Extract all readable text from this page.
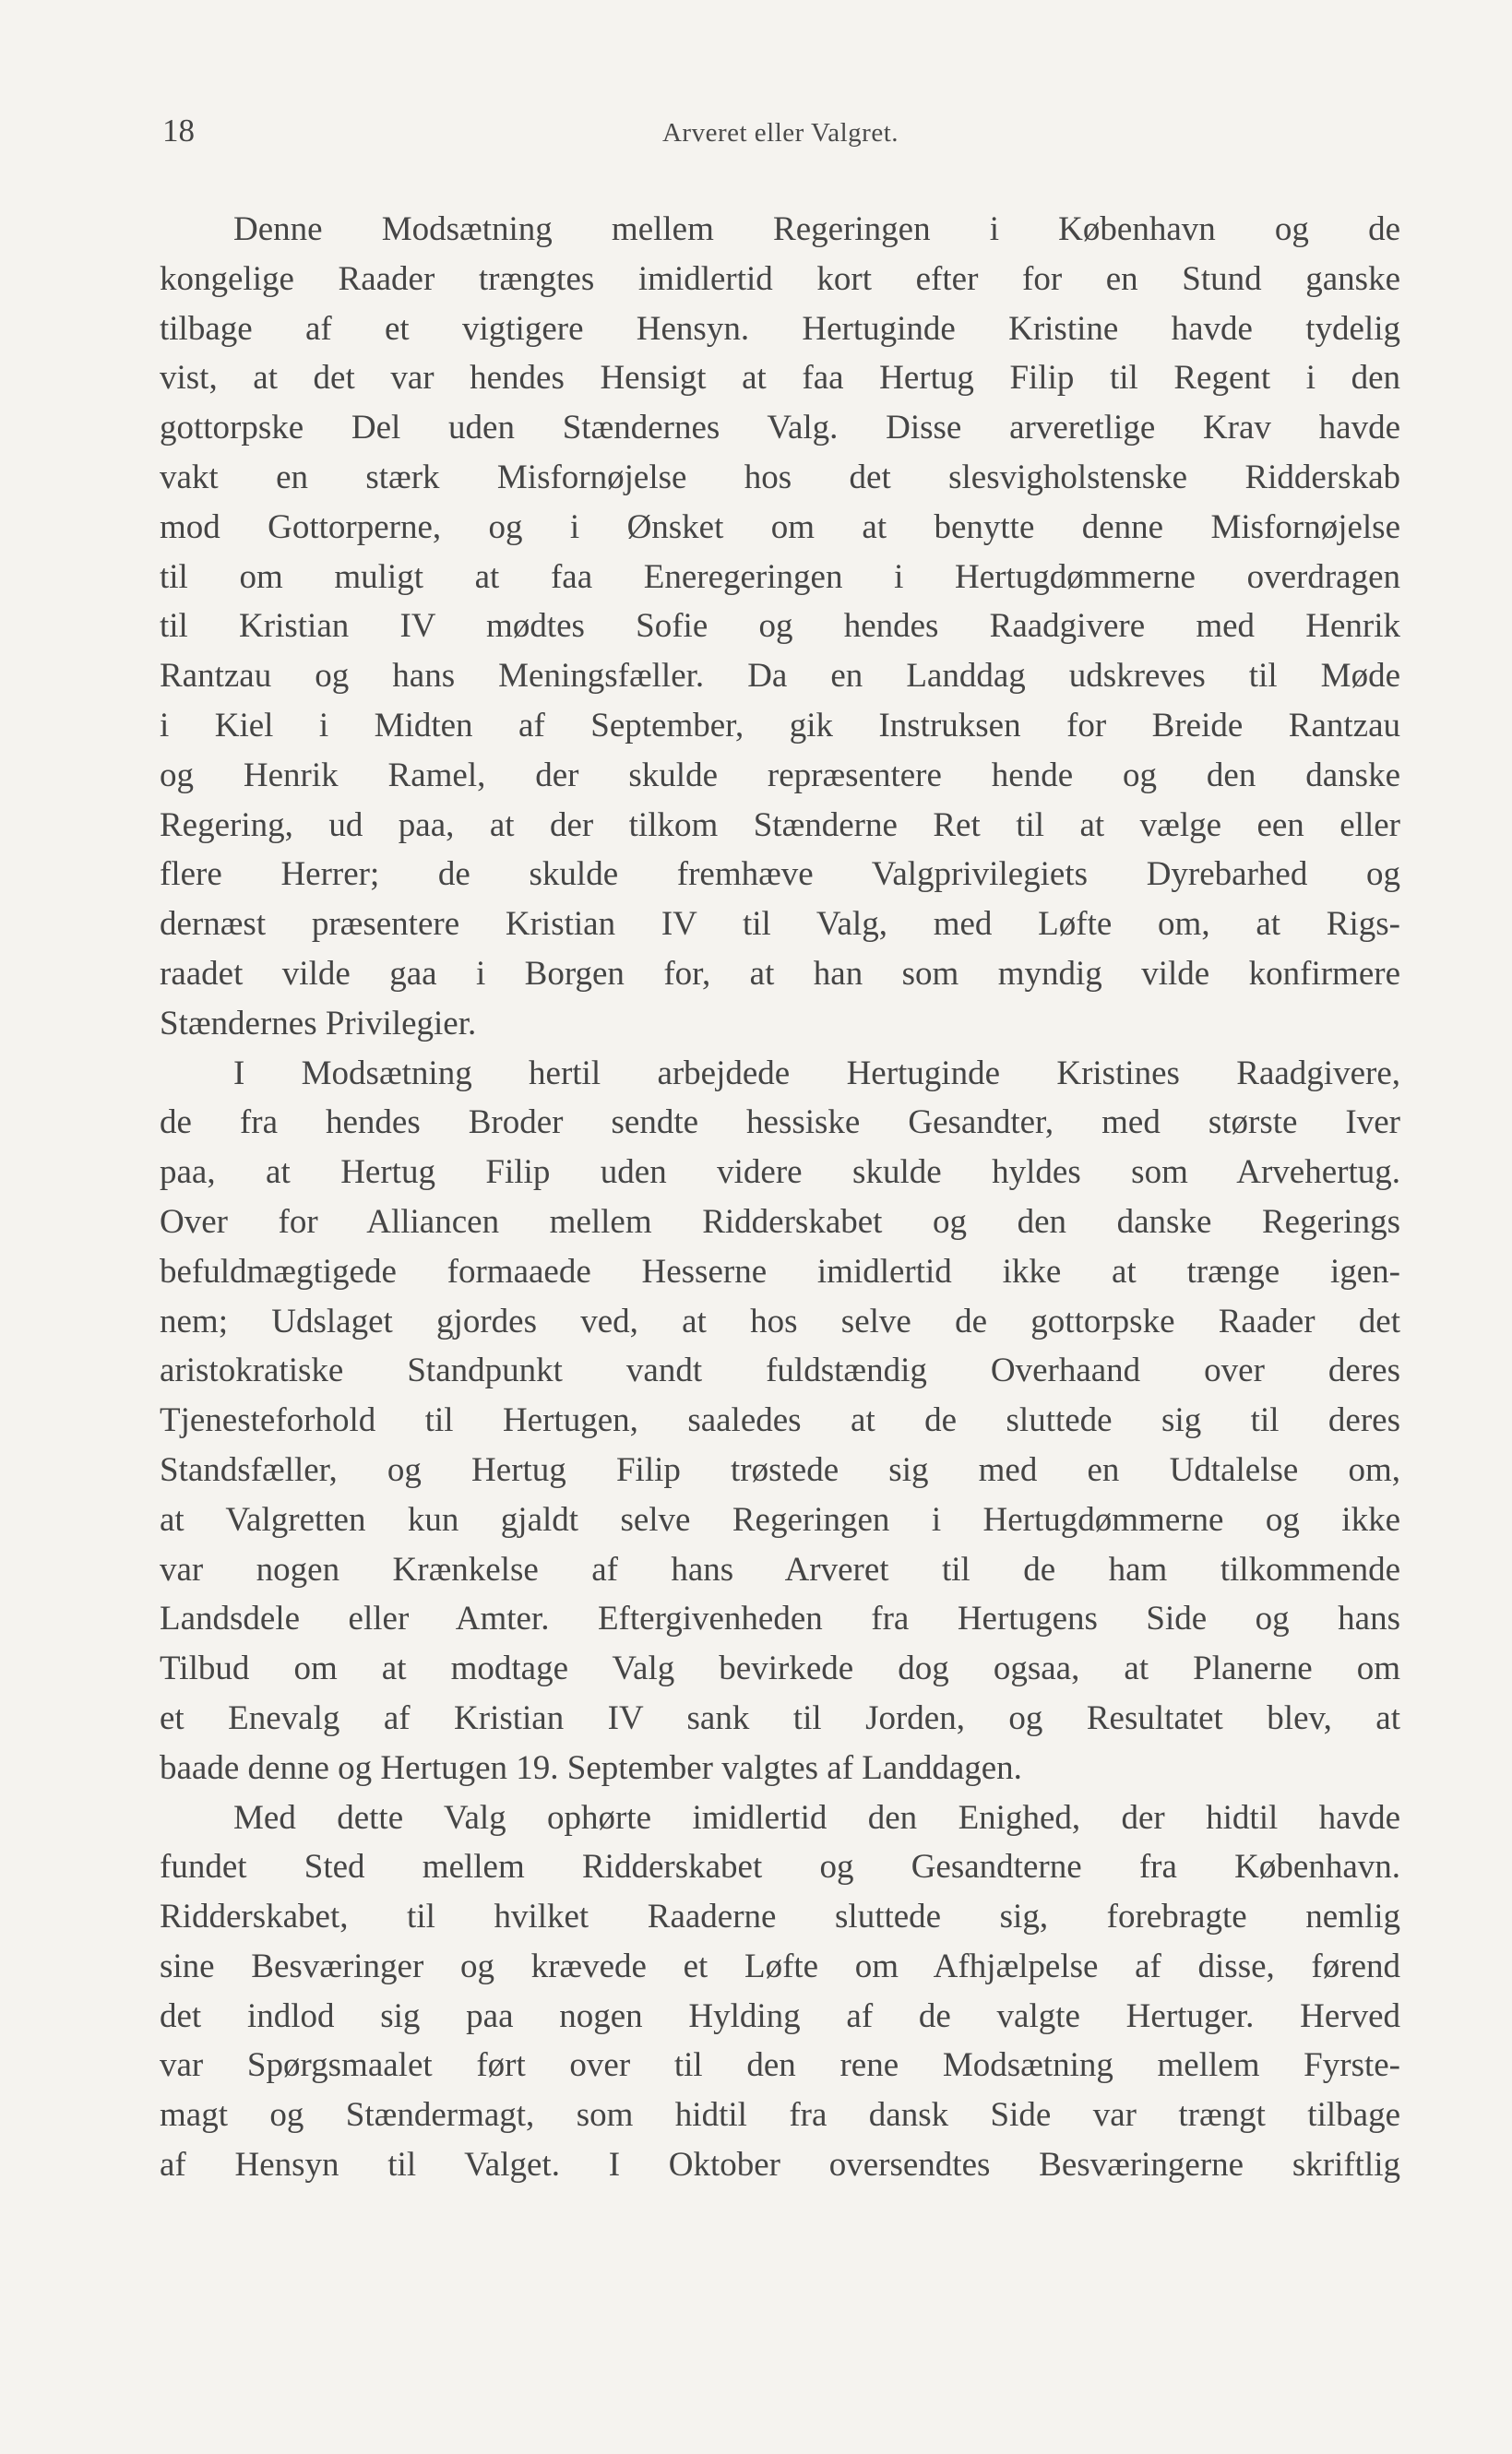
18	Arveret eller Valgret.
Denne Modsætning mellem Regeringen i København og de
kongelige Raader trængtes imidlertid kort efter for en Stund ganske
tilbage af et vigtigere Hensyn. Hertuginde Kristine havde tydelig
vist, at det var hendes Hensigt at faa Hertug Filip til Regent i den
gottorpske Del uden Stændernes Valg. Disse arveretlige Krav havde
vakt en stærk Misfornøjelse hos det slesvigholstenske Ridderskab
mod Gottorperne, og i Ønsket om at benytte denne Misfornøjelse
til om muligt at faa Eneregeringen i Hertugdømmerne overdragen
til Kristian IV mødtes Sofie og hendes Raadgivere med Henrik
Rantzau og hans Meningsfæller. Da en Landdag udskreves til Møde
i Kiel i Midten af September, gik Instruksen for Breide Rantzau
og Henrik Ramel, der skulde repræsentere hende og den danske
Regering, ud paa, at der tilkom Stænderne Ret til at vælge een eller
flere Herrer; de skulde fremhæve Valgprivilegiets Dyrebarhed og
dernæst præsentere Kristian IV til Valg, med Løfte om, at Rigs-
raadet vilde gaa i Borgen for, at han som myndig vilde konfirmere
Stændernes Privilegier.
I Modsætning hertil arbejdede Hertuginde Kristines Raadgivere,
de fra hendes Broder sendte hessiske Gesandter, med største Iver
paa, at Hertug Filip uden videre skulde hyldes som Arvehertug.
Over for Alliancen mellem Ridderskabet og den danske Regerings
befuldmægtigede formaaede Hesserne imidlertid ikke at trænge igen-
nem; Udslaget gjordes ved, at hos selve de gottorpske Raader det
aristokratiske Standpunkt vandt fuldstændig Overhaand over deres
Tjenesteforhold til Hertugen, saaledes at de sluttede sig til deres
Standsfæller, og Hertug Filip trøstede sig med en Udtalelse om,
at Valgretten kun gjaldt selve Regeringen i Hertugdømmerne og ikke
var nogen Krænkelse af hans Arveret til de ham tilkommende
Landsdele eller Amter. Eftergivenheden fra Hertugens Side og hans
Tilbud om at modtage Valg bevirkede dog ogsaa, at Planerne om
et Enevalg af Kristian IV sank til Jorden, og Resultatet blev, at
baade denne og Hertugen 19. September valgtes af Landdagen.
Med dette Valg ophørte imidlertid den Enighed, der hidtil havde
fundet Sted mellem Ridderskabet og Gesandterne fra København.
Ridderskabet, til hvilket Raaderne sluttede sig, forebragte nemlig
sine Besværinger og krævede et Løfte om Afhjælpelse af disse, førend
det indlod sig paa nogen Hylding af de valgte Hertuger. Herved
var Spørgsmaalet ført over til den rene Modsætning mellem Fyrste-
magt og Stændermagt, som hidtil fra dansk Side var trængt tilbage
af Hensyn til Valget. I Oktober oversendtes Besværingerne skriftlig
